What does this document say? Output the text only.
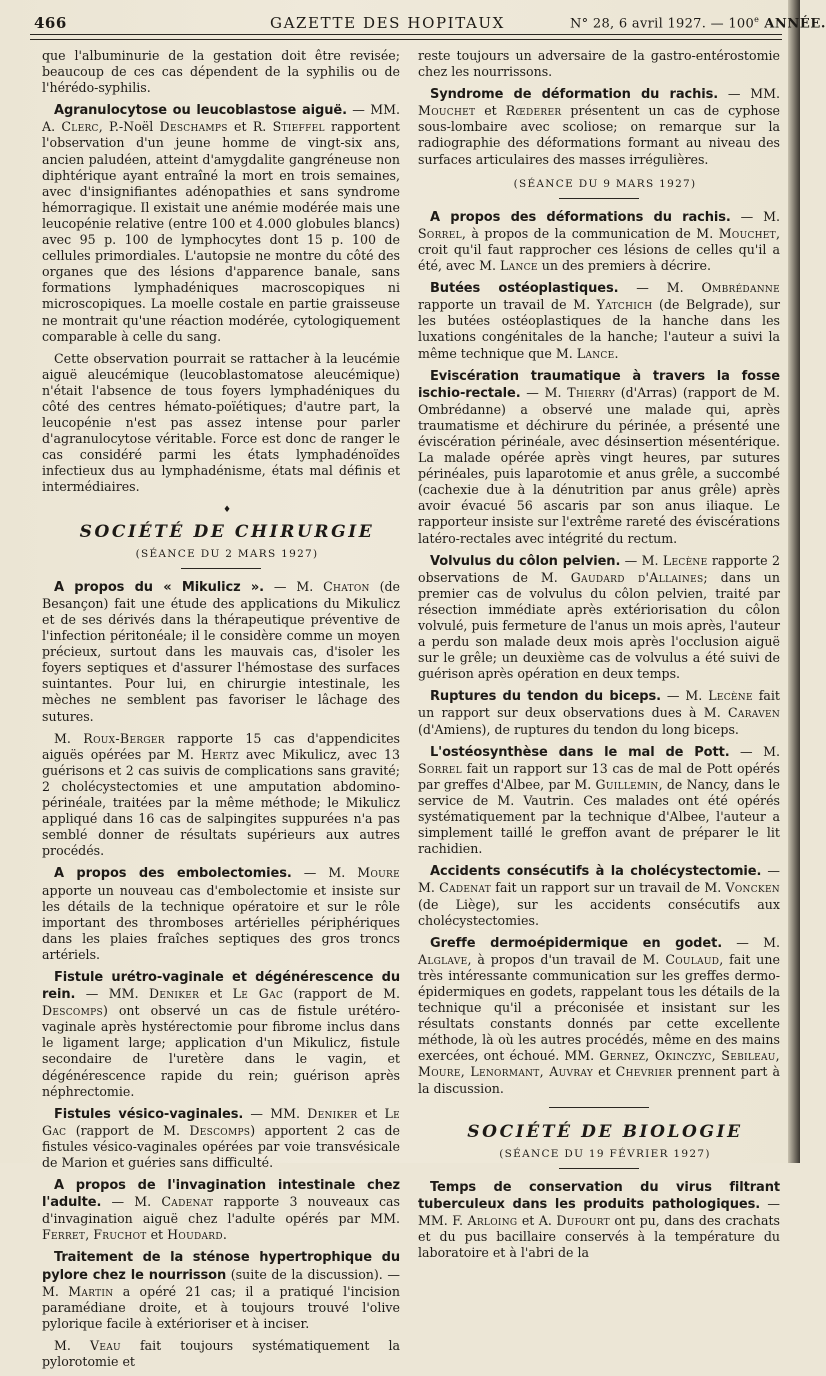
466	GAZETTE DES HOPITAUX	N° 28, 6 avril 1927. — 100e ANNÉE.

que l'albuminurie de la gestation doit être revisée; beaucoup de ces cas dépendent de la syphilis ou de l'hérédo-syphilis.

Agranulocytose ou leucoblastose aiguë. — MM. A. Clerc, P.-Noël Deschamps et R. Stieffel rapportent l'observation d'un jeune homme de vingt-six ans, ancien paludéen, atteint d'amygdalite gangréneuse non diphtérique ayant entraîné la mort en trois semaines, avec d'insignifiantes adénopathies et sans syndrome hémorragique. Il existait une anémie modérée mais une leucopénie relative (entre 100 et 4.000 globules blancs) avec 95 p. 100 de lymphocytes dont 15 p. 100 de cellules primordiales. L'autopsie ne montre du côté des organes que des lésions d'apparence banale, sans formations lymphadéniques macroscopiques ni microscopiques. La moelle costale en partie graisseuse ne montrait qu'une réaction modérée, cytologiquement comparable à celle du sang.

Cette observation pourrait se rattacher à la leucémie aiguë aleucémique (leucoblastomatose aleucémique) n'était l'absence de tous foyers lymphadéniques du côté des centres hémato-poïétiques; d'autre part, la leucopénie n'est pas assez intense pour parler d'agranulocytose véritable. Force est donc de ranger le cas considéré parmi les états lymphadénoïdes infectieux dus au lymphadénisme, états mal définis et intermédiaires.

♦

SOCIÉTÉ DE CHIRURGIE

(SÉANCE DU 2 MARS 1927)

A propos du « Mikulicz ». — M. Chaton (de Besançon) fait une étude des applications du Mikulicz et de ses dérivés dans la thérapeutique préventive de l'infection péritonéale; il le considère comme un moyen précieux, surtout dans les mauvais cas, d'isoler les foyers septiques et d'assurer l'hémostase des surfaces suintantes. Pour lui, en chirurgie intestinale, les mèches ne semblent pas favoriser le lâchage des sutures.

M. Roux-Berger rapporte 15 cas d'appendicites aiguës opérées par M. Hertz avec Mikulicz, avec 13 guérisons et 2 cas suivis de complications sans gravité; 2 cholécystectomies et une amputation abdomino-périnéale, traitées par la même méthode; le Mikulicz appliqué dans 16 cas de salpingites suppurées n'a pas semblé donner de résultats supérieurs aux autres procédés.

A propos des embolectomies. — M. Moure apporte un nouveau cas d'embolectomie et insiste sur les détails de la technique opératoire et sur le rôle important des thromboses artérielles périphériques dans les plaies fraîches septiques des gros troncs artériels.

Fistule urétro-vaginale et dégénérescence du rein. — MM. Deniker et Le Gac (rapport de M. Descomps) ont observé un cas de fistule urétéro-vaginale après hystérectomie pour fibrome inclus dans le ligament large; application d'un Mikulicz, fistule secondaire de l'uretère dans le vagin, et dégénérescence rapide du rein; guérison après néphrectomie.

Fistules vésico-vaginales. — MM. Deniker et Le Gac (rapport de M. Descomps) apportent 2 cas de fistules vésico-vaginales opérées par voie transvésicale de Marion et guéries sans difficulté.

A propos de l'invagination intestinale chez l'adulte. — M. Cadenat rapporte 3 nouveaux cas d'invagination aiguë chez l'adulte opérés par MM. Ferret, Fruchot et Houdard.

Traitement de la sténose hypertrophique du pylore chez le nourrisson (suite de la discussion). — M. Martin a opéré 21 cas; il a pratiqué l'incision paramédiane droite, et à toujours trouvé l'olive pylorique facile à extérioriser et à inciser.

M. Veau fait toujours systématiquement la pylorotomie et

reste toujours un adversaire de la gastro-entérostomie chez les nourrissons.

Syndrome de déformation du rachis. — MM. Mouchet et Rœderer présentent un cas de cyphose sous-lombaire avec scoliose; on remarque sur la radiographie des déformations formant au niveau des surfaces articulaires des masses irrégulières.

(SÉANCE DU 9 MARS 1927)

A propos des déformations du rachis. — M. Sorrel, à propos de la communication de M. Mouchet, croit qu'il faut rapprocher ces lésions de celles qu'il a été, avec M. Lance un des premiers à décrire.

Butées ostéoplastiques. — M. Ombrédanne rapporte un travail de M. Yatchich (de Belgrade), sur les butées ostéoplastiques de la hanche dans les luxations congénitales de la hanche; l'auteur a suivi la même technique que M. Lance.

Eviscération traumatique à travers la fosse ischio-rectale. — M. Thierry (d'Arras) (rapport de M. Ombrédanne) a observé une malade qui, après traumatisme et déchirure du périnée, a présenté une éviscération périnéale, avec désinsertion mésentérique. La malade opérée après vingt heures, par sutures périnéales, puis laparotomie et anus grêle, a succombé (cachexie due à la dénutrition par anus grêle) après avoir évacué 56 ascaris par son anus iliaque. Le rapporteur insiste sur l'extrême rareté des éviscérations latéro-rectales avec intégrité du rectum.

Volvulus du côlon pelvien. — M. Lecène rapporte 2 observations de M. Gaudard d'Allaines; dans un premier cas de volvulus du côlon pelvien, traité par résection immédiate après extériorisation du côlon volvulé, puis fermeture de l'anus un mois après, l'auteur a perdu son malade deux mois après l'occlusion aiguë sur le grêle; un deuxième cas de volvulus a été suivi de guérison après opération en deux temps.

Ruptures du tendon du biceps. — M. Lecène fait un rapport sur deux observations dues à M. Caraven (d'Amiens), de ruptures du tendon du long biceps.

L'ostéosynthèse dans le mal de Pott. — M. Sorrel fait un rapport sur 13 cas de mal de Pott opérés par greffes d'Albee, par M. Guillemin, de Nancy, dans le service de M. Vautrin. Ces malades ont été opérés systématiquement par la technique d'Albee, l'auteur a simplement taillé le greffon avant de préparer le lit rachidien.

Accidents consécutifs à la cholécystectomie. — M. Cadenat fait un rapport sur un travail de M. Voncken (de Liège), sur les accidents consécutifs aux cholécystectomies.

Greffe dermoépidermique en godet. — M. Alglave, à propos d'un travail de M. Coulaud, fait une très intéressante communication sur les greffes dermo-épidermiques en godets, rappelant tous les détails de la technique qu'il a préconisée et insistant sur les résultats constants donnés par cette excellente méthode, là où les autres procédés, même en des mains exercées, ont échoué. MM. Gernez, Okinczyc, Sebileau, Moure, Lenormant, Auvray et Chevrier prennent part à la discussion.

SOCIÉTÉ DE BIOLOGIE

(SÉANCE DU 19 FÉVRIER 1927)

Temps de conservation du virus filtrant tuberculeux dans les produits pathologiques. — MM. F. Arloing et A. Dufourt ont pu, dans des crachats et du pus bacillaire conservés à la température du laboratoire et à l'abri de la
